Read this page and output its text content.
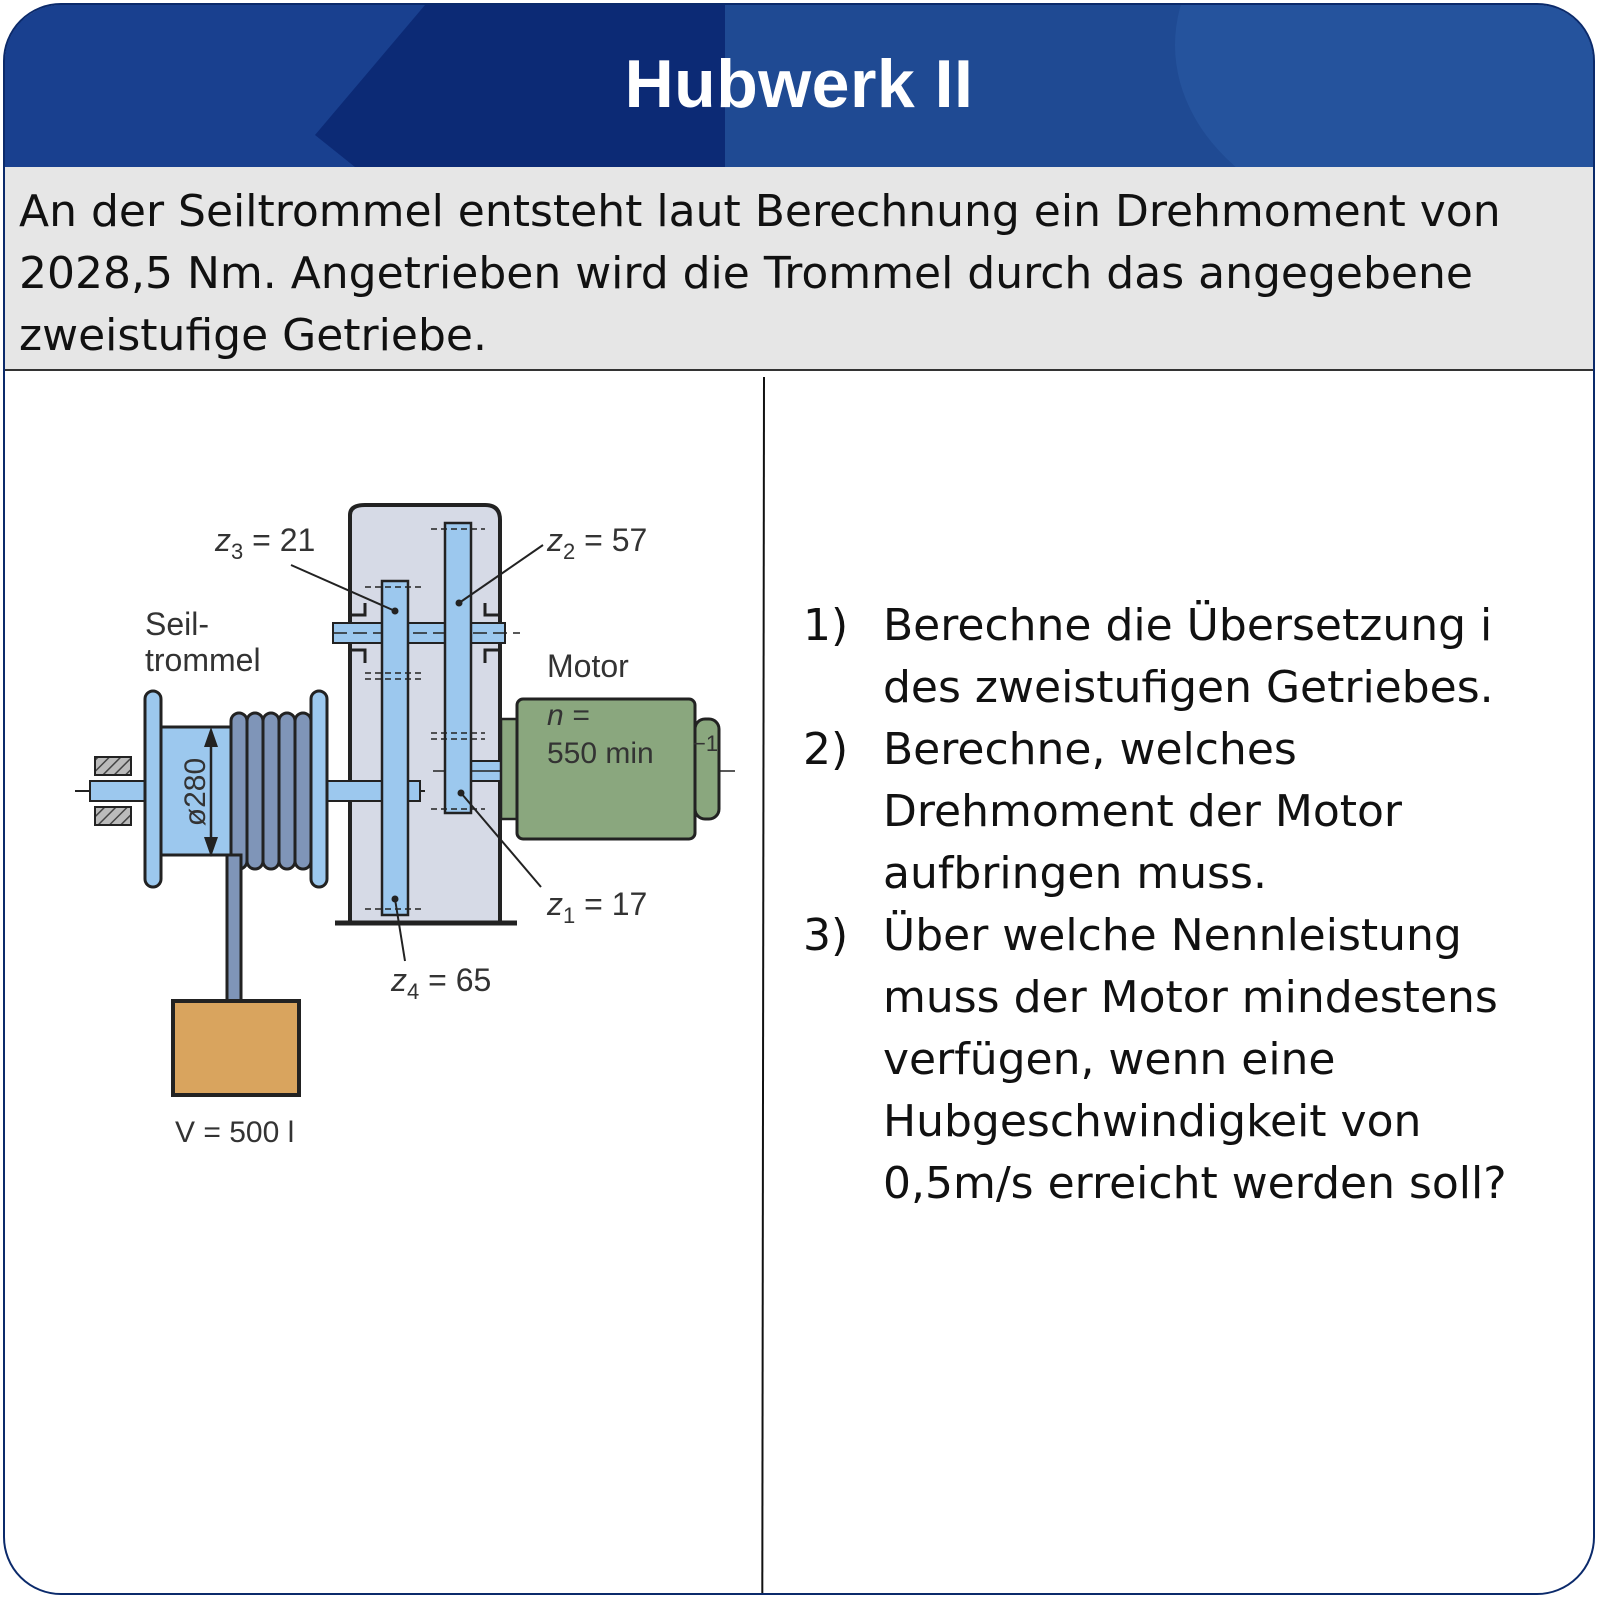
Hubwerk II

An der Seiltrommel entsteht laut Berechnung ein Drehmoment von 2028,5 Nm. Angetrieben wird die Trommel durch das angegebene zweistufige Getriebe.

ø280
V = 500 l
n =
550 min −1
Motor
Seil-
trommel
$z_3 = 21$	$z_2 = 57$
$z_1 = 17$
$z_4 = 65$
1) Berechne die Übersetzung i des zweistufigen Getriebes.
2) Berechne, welches Drehmoment der Motor aufbringen muss.
3) Über welche Nennleistung muss der Motor mindestens verfügen, wenn eine Hubgeschwindigkeit von 0,5m/s erreicht werden soll?
